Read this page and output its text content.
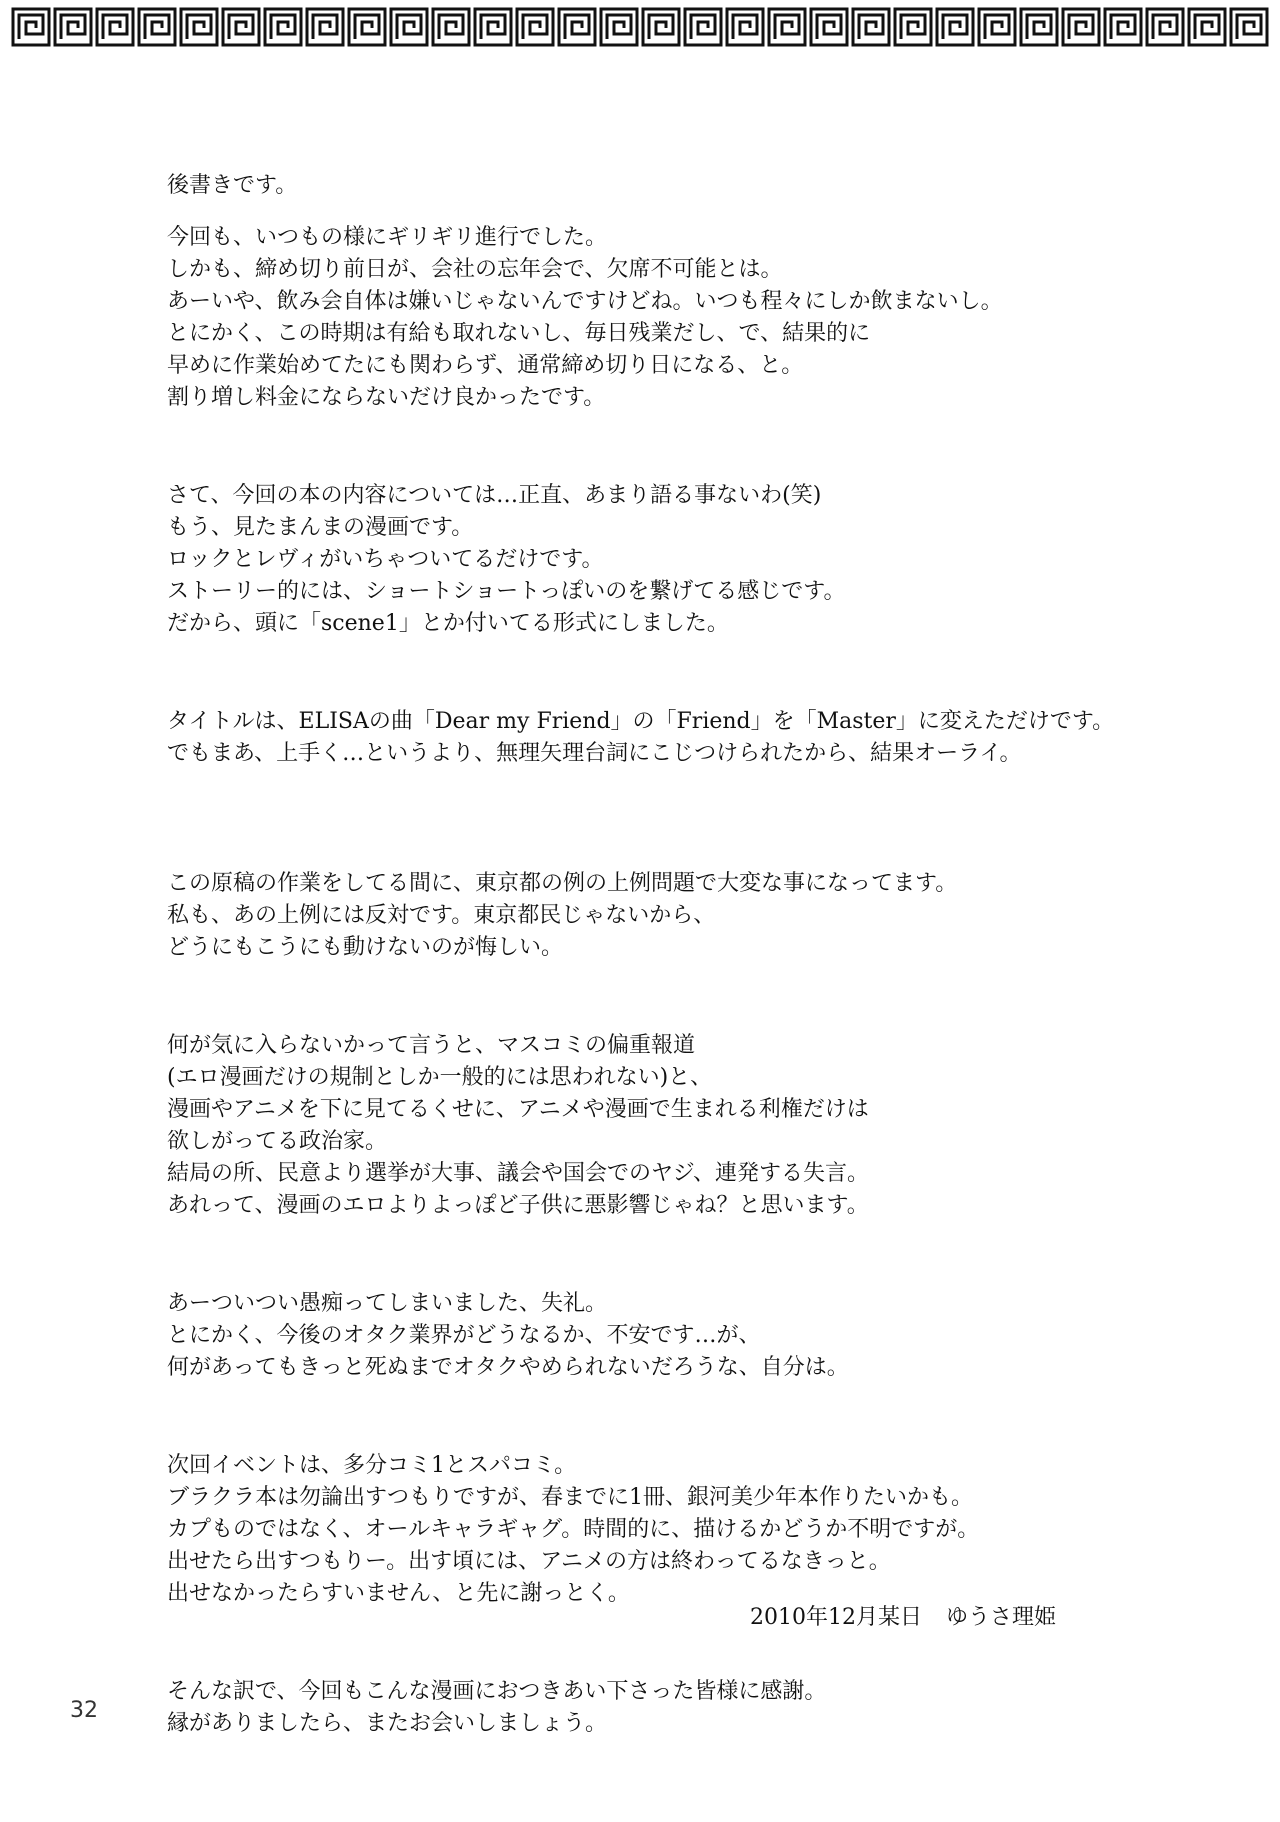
後書きです。
今回も、いつもの様にギリギリ進行でした。
しかも、締め切り前日が、会社の忘年会で、欠席不可能とは。
あーいや、飲み会自体は嫌いじゃないんですけどね。いつも程々にしか飲まないし。
とにかく、この時期は有給も取れないし、毎日残業だし、で、結果的に
早めに作業始めてたにも関わらず、通常締め切り日になる、と。
割り増し料金にならないだけ良かったです。
さて、今回の本の内容については…正直、あまり語る事ないわ(笑)
もう、見たまんまの漫画です。
ロックとレヴィがいちゃついてるだけです。
ストーリー的には、ショートショートっぽいのを繋げてる感じです。
だから、頭に「scene1」とか付いてる形式にしました。
タイトルは、ELISAの曲「Dear my Friend」の「Friend」を「Master」に変えただけです。
でもまあ、上手く…というより、無理矢理台詞にこじつけられたから、結果オーライ。
この原稿の作業をしてる間に、東京都の例の上例問題で大変な事になってます。
私も、あの上例には反対です。東京都民じゃないから、
どうにもこうにも動けないのが悔しい。
何が気に入らないかって言うと、マスコミの偏重報道
(エロ漫画だけの規制としか一般的には思われない)と、
漫画やアニメを下に見てるくせに、アニメや漫画で生まれる利権だけは
欲しがってる政治家。
結局の所、民意より選挙が大事、議会や国会でのヤジ、連発する失言。
あれって、漫画のエロよりよっぽど子供に悪影響じゃね？と思います。
あーついつい愚痴ってしまいました、失礼。
とにかく、今後のオタク業界がどうなるか、不安です…が、
何があってもきっと死ぬまでオタクやめられないだろうな、自分は。
次回イベントは、多分コミ1とスパコミ。
ブラクラ本は勿論出すつもりですが、春までに1冊、銀河美少年本作りたいかも。
カプものではなく、オールキャラギャグ。時間的に、描けるかどうか不明ですが。
出せたら出すつもりー。出す頃には、アニメの方は終わってるなきっと。
出せなかったらすいません、と先に謝っとく。
そんな訳で、今回もこんな漫画におつきあい下さった皆様に感謝。
縁がありましたら、またお会いしましょう。
2010年12月某日 ゆうさ理姫
32
